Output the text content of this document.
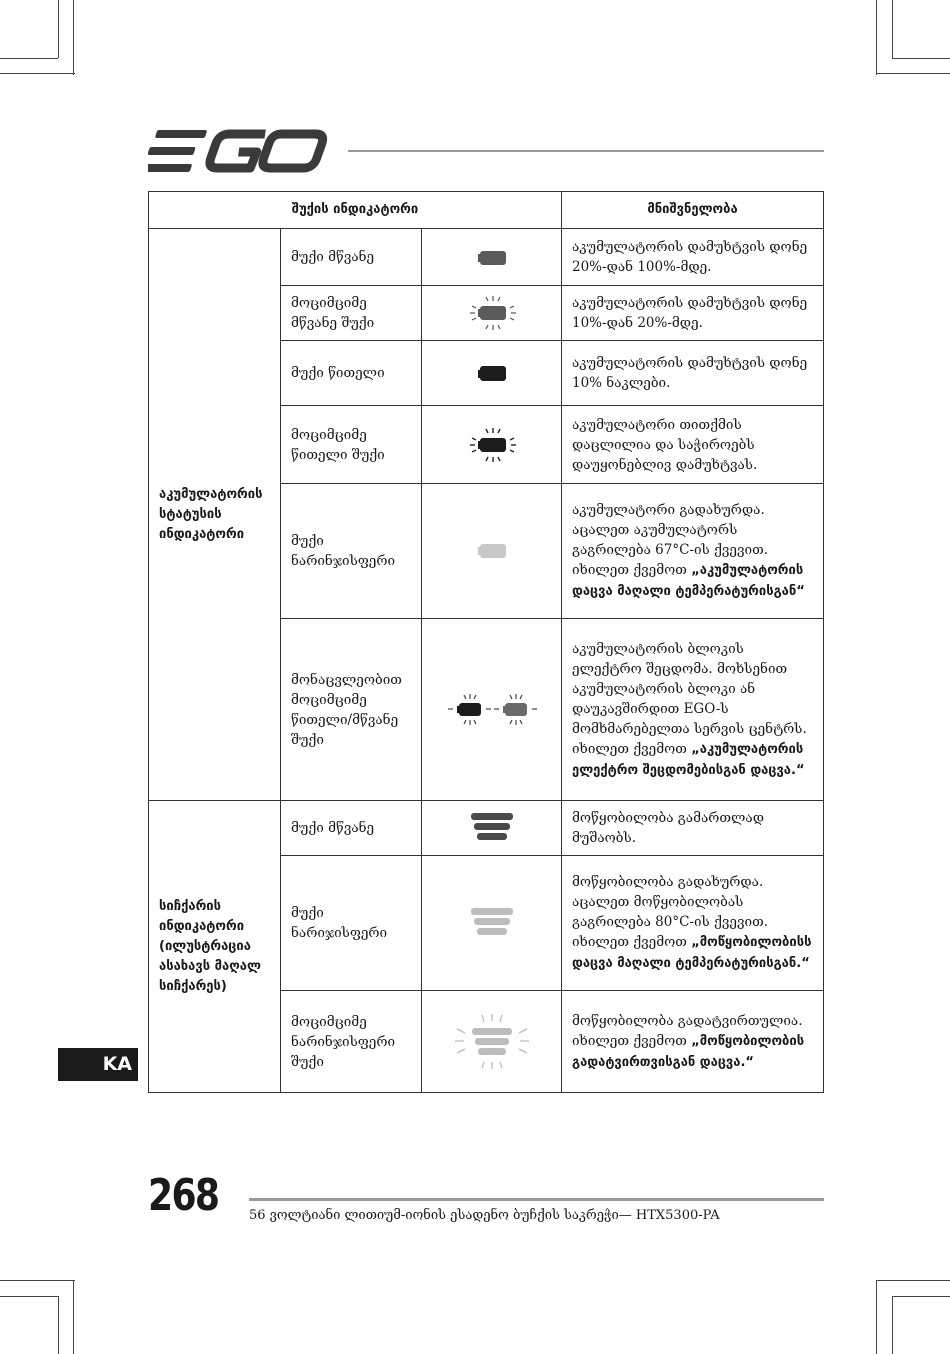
შუქის ინდიკატორი			მნიშვნელობა
აკუმულატორის სტატუსის ინდიკატორი	მუქი მწვანე		აკუმულატორის დამუხტვის დონე 20%-დან 100%-მდე.
	მოციმციმე მწვანე შუქი		აკუმულატორის დამუხტვის დონე 10%-დან 20%-მდე.
	მუქი წითელი		აკუმულატორის დამუხტვის დონე 10% ნაკლები.
	მოციმციმე წითელი შუქი		აკუმულატორი თითქმის დაცლილია და საჭიროებს დაუყონებლივ დამუხტვას.
	მუქი ნარინჯისფერი		აკუმულატორი გადახურდა. აცალეთ აკუმულატორს გაგრილება 67°C-ის ქვევით. იხილეთ ქვემოთ „აკუმულატორის დაცვა მაღალი ტემპერატურისგან“
	მონაცვლეობით მოციმციმე წითელი/მწვანე შუქი		აკუმულატორის ბლოკის ელექტრო შეცდომა. მოხსენით აკუმულატორის ბლოკი ან დაუკავშირდით EGO-ს მომხმარებელთა სერვის ცენტრს. იხილეთ ქვემოთ „აკუმულატორის ელექტრო შეცდომებისგან დაცვა.“
სიჩქარის ინდიკატორი (ილუსტრაცია ასახავს მაღალ სიჩქარეს)	მუქი მწვანე		მოწყობილობა გამართლად მუშაობს.
	მუქი ნარიჯისფერი		მოწყობილობა გადახურდა. აცალეთ მოწყობილობას გაგრილება 80°C-ის ქვევით. იხილეთ ქვემოთ „მოწყობილობისს დაცვა მაღალი ტემპერატურისგან.“
	მოციმციმე ნარინჯისფერი შუქი		მოწყობილობა გადატვირთულია. იხილეთ ქვემოთ „მოწყობილობის გადატვირთვისგან დაცვა.“
KA
268 56 ვოლტიანი ლითიუმ-იონის ესადენო ბუჩქის საკრეჭი— HTX5300-PA
